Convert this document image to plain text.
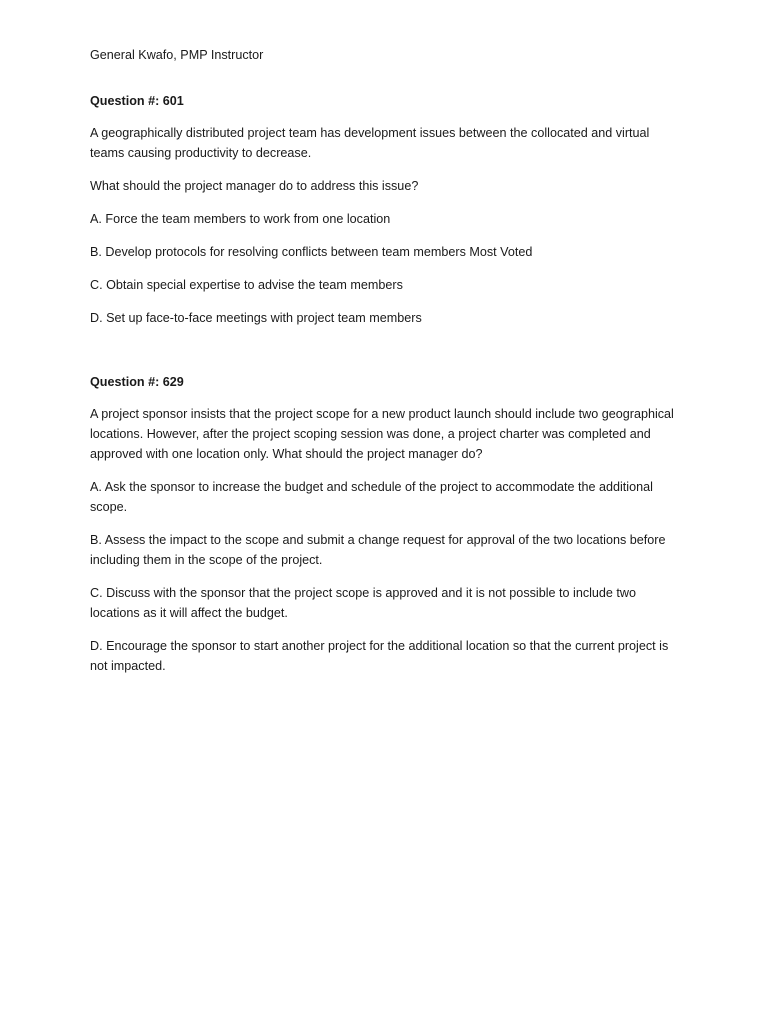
General Kwafo, PMP Instructor
Question #: 601
A geographically distributed project team has development issues between the collocated and virtual teams causing productivity to decrease.
What should the project manager do to address this issue?
A. Force the team members to work from one location
B. Develop protocols for resolving conflicts between team members Most Voted
C. Obtain special expertise to advise the team members
D. Set up face-to-face meetings with project team members
Question #: 629
A project sponsor insists that the project scope for a new product launch should include two geographical locations. However, after the project scoping session was done, a project charter was completed and approved with one location only. What should the project manager do?
A. Ask the sponsor to increase the budget and schedule of the project to accommodate the additional scope.
B. Assess the impact to the scope and submit a change request for approval of the two locations before including them in the scope of the project.
C. Discuss with the sponsor that the project scope is approved and it is not possible to include two locations as it will affect the budget.
D. Encourage the sponsor to start another project for the additional location so that the current project is not impacted.
